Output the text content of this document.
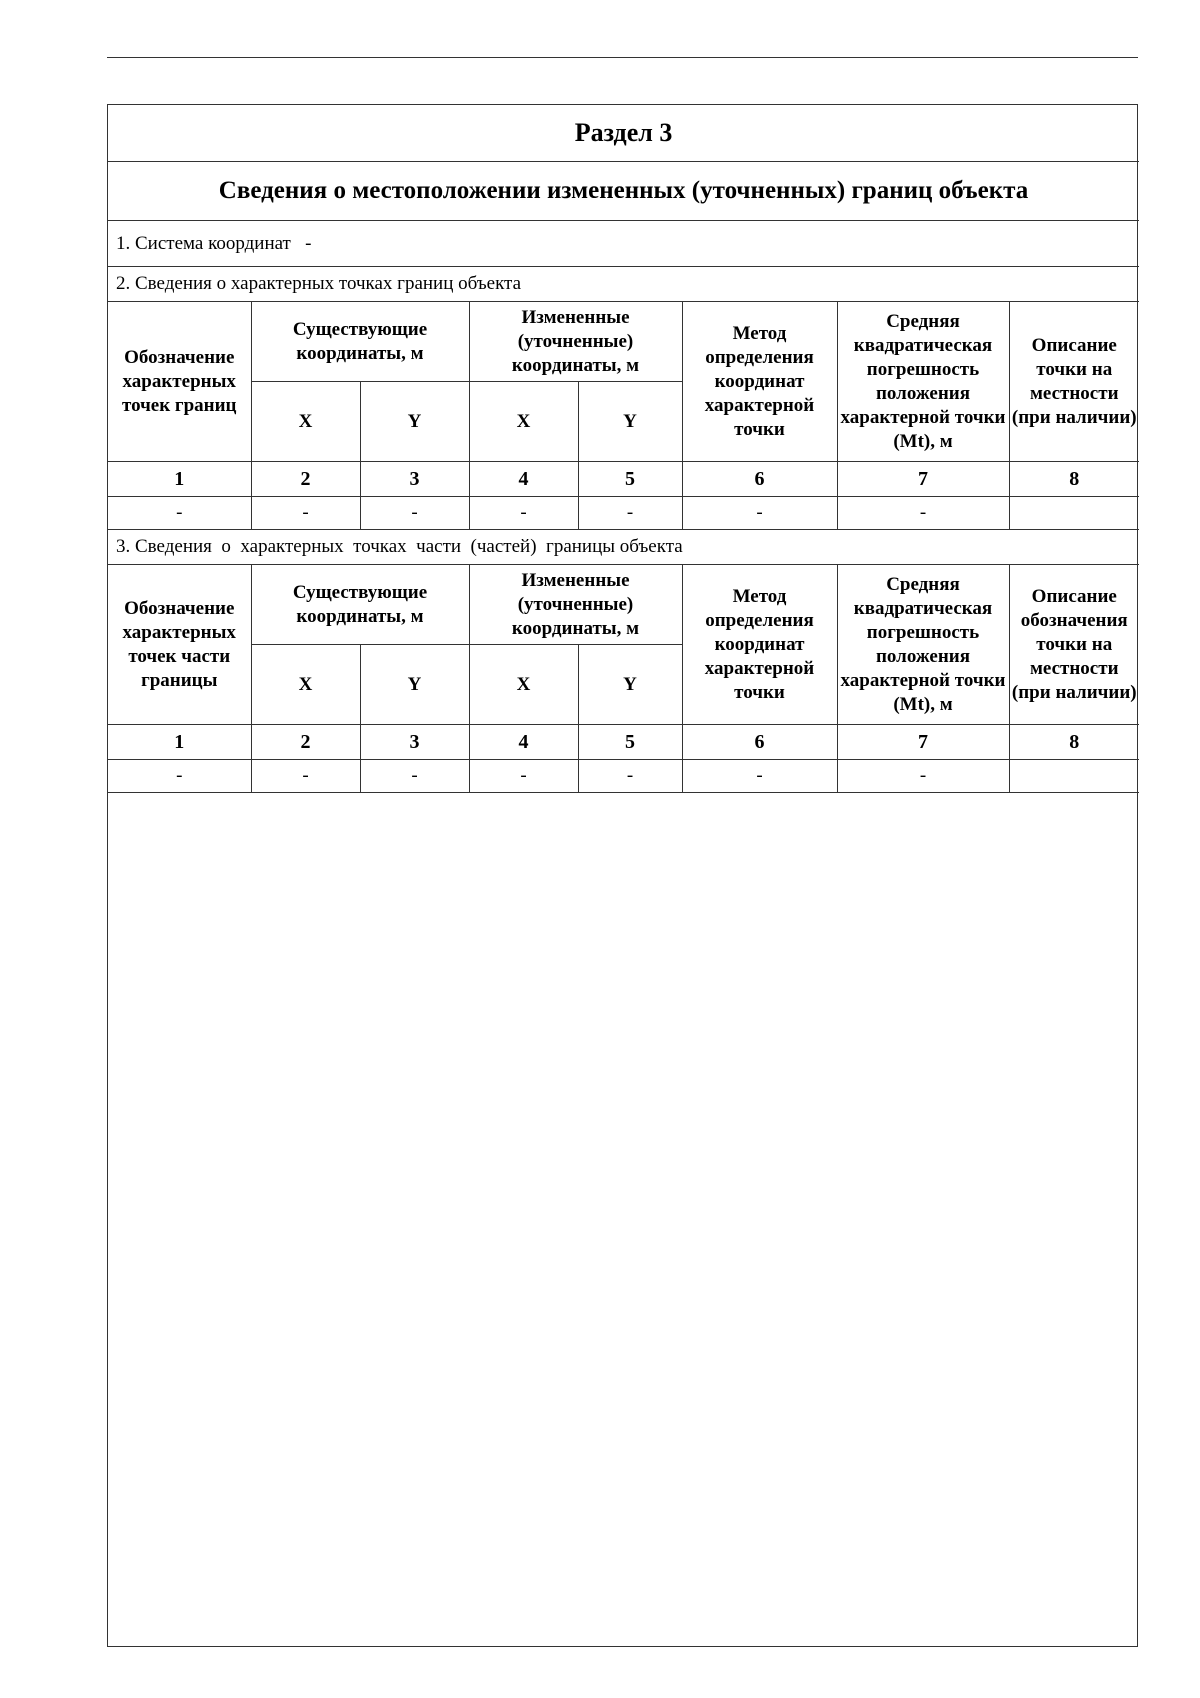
Раздел 3							
Сведения о местоположении измененных (уточненных) границ объекта							
1. Система координат -							
2. Сведения о характерных точках границ объекта							
Обозначение характерных точек границ	Существующие координаты, м		Измененные (уточненные) координаты, м		Метод определения координат характерной точки	Средняя квадратическая погрешность положения характерной точки (Mt), м	Описание точки на местности (при наличии)
	X	Y	X	Y			
1	2	3	4	5	6	7	8
-	-	-	-	-	-	-	
3. Сведения  о  характерных  точках  части  (частей)  границы объекта							
Обозначение характерных точек части границы	Существующие координаты, м		Измененные (уточненные) координаты, м		Метод определения координат характерной точки	Средняя квадратическая погрешность положения характерной точки (Mt), м	Описание обозначения точки на местности (при наличии)
	X	Y	X	Y			
1	2	3	4	5	6	7	8
-	-	-	-	-	-	-	
